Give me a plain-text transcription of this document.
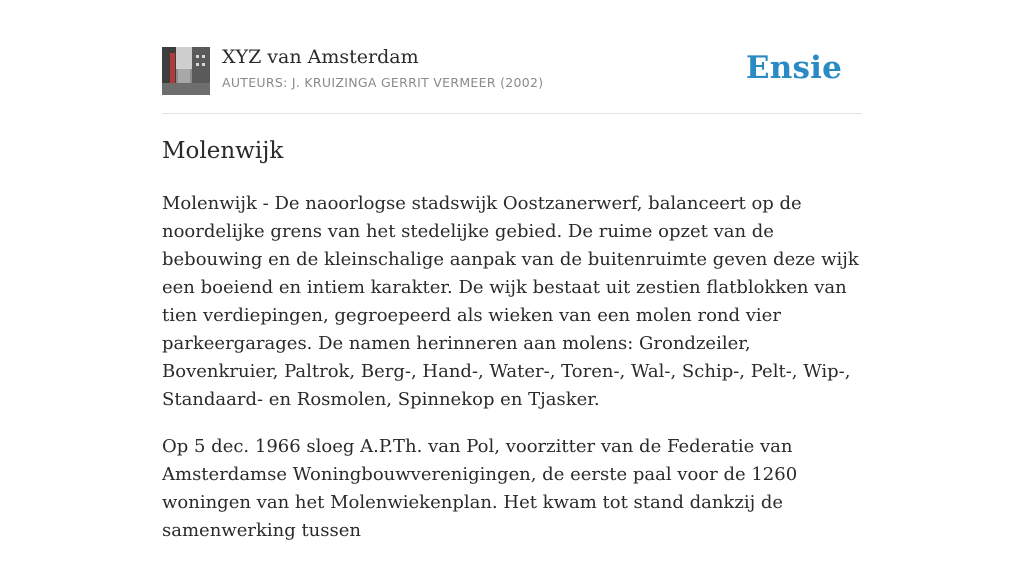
XYZ van Amsterdam
AUTEURS: J. KRUIZINGA GERRIT VERMEER (2002)	Ensie
Molenwijk

Molenwijk - De naoorlogse stadswijk Oostzanerwerf, balanceert op de noordelijke grens van het stedelijke gebied. De ruime opzet van de bebouwing en de kleinschalige aanpak van de buitenruimte geven deze wijk een boeiend en intiem karakter. De wijk bestaat uit zestien flatblokken van tien verdiepingen, gegroepeerd als wieken van een molen rond vier parkeergarages. De namen herinneren aan molens: Grondzeiler, Bovenkruier, Paltrok, Berg-, Hand-, Water-, Toren-, Wal-, Schip-, Pelt-, Wip-, Standaard- en Rosmolen, Spinnekop en Tjasker.

Op 5 dec. 1966 sloeg A.P.Th. van Pol, voorzitter van de Federatie van Amsterdamse Woningbouwverenigingen, de eerste paal voor de 1260 woningen van het Molenwiekenplan. Het kwam tot stand dankzij de samenwerking tussen
